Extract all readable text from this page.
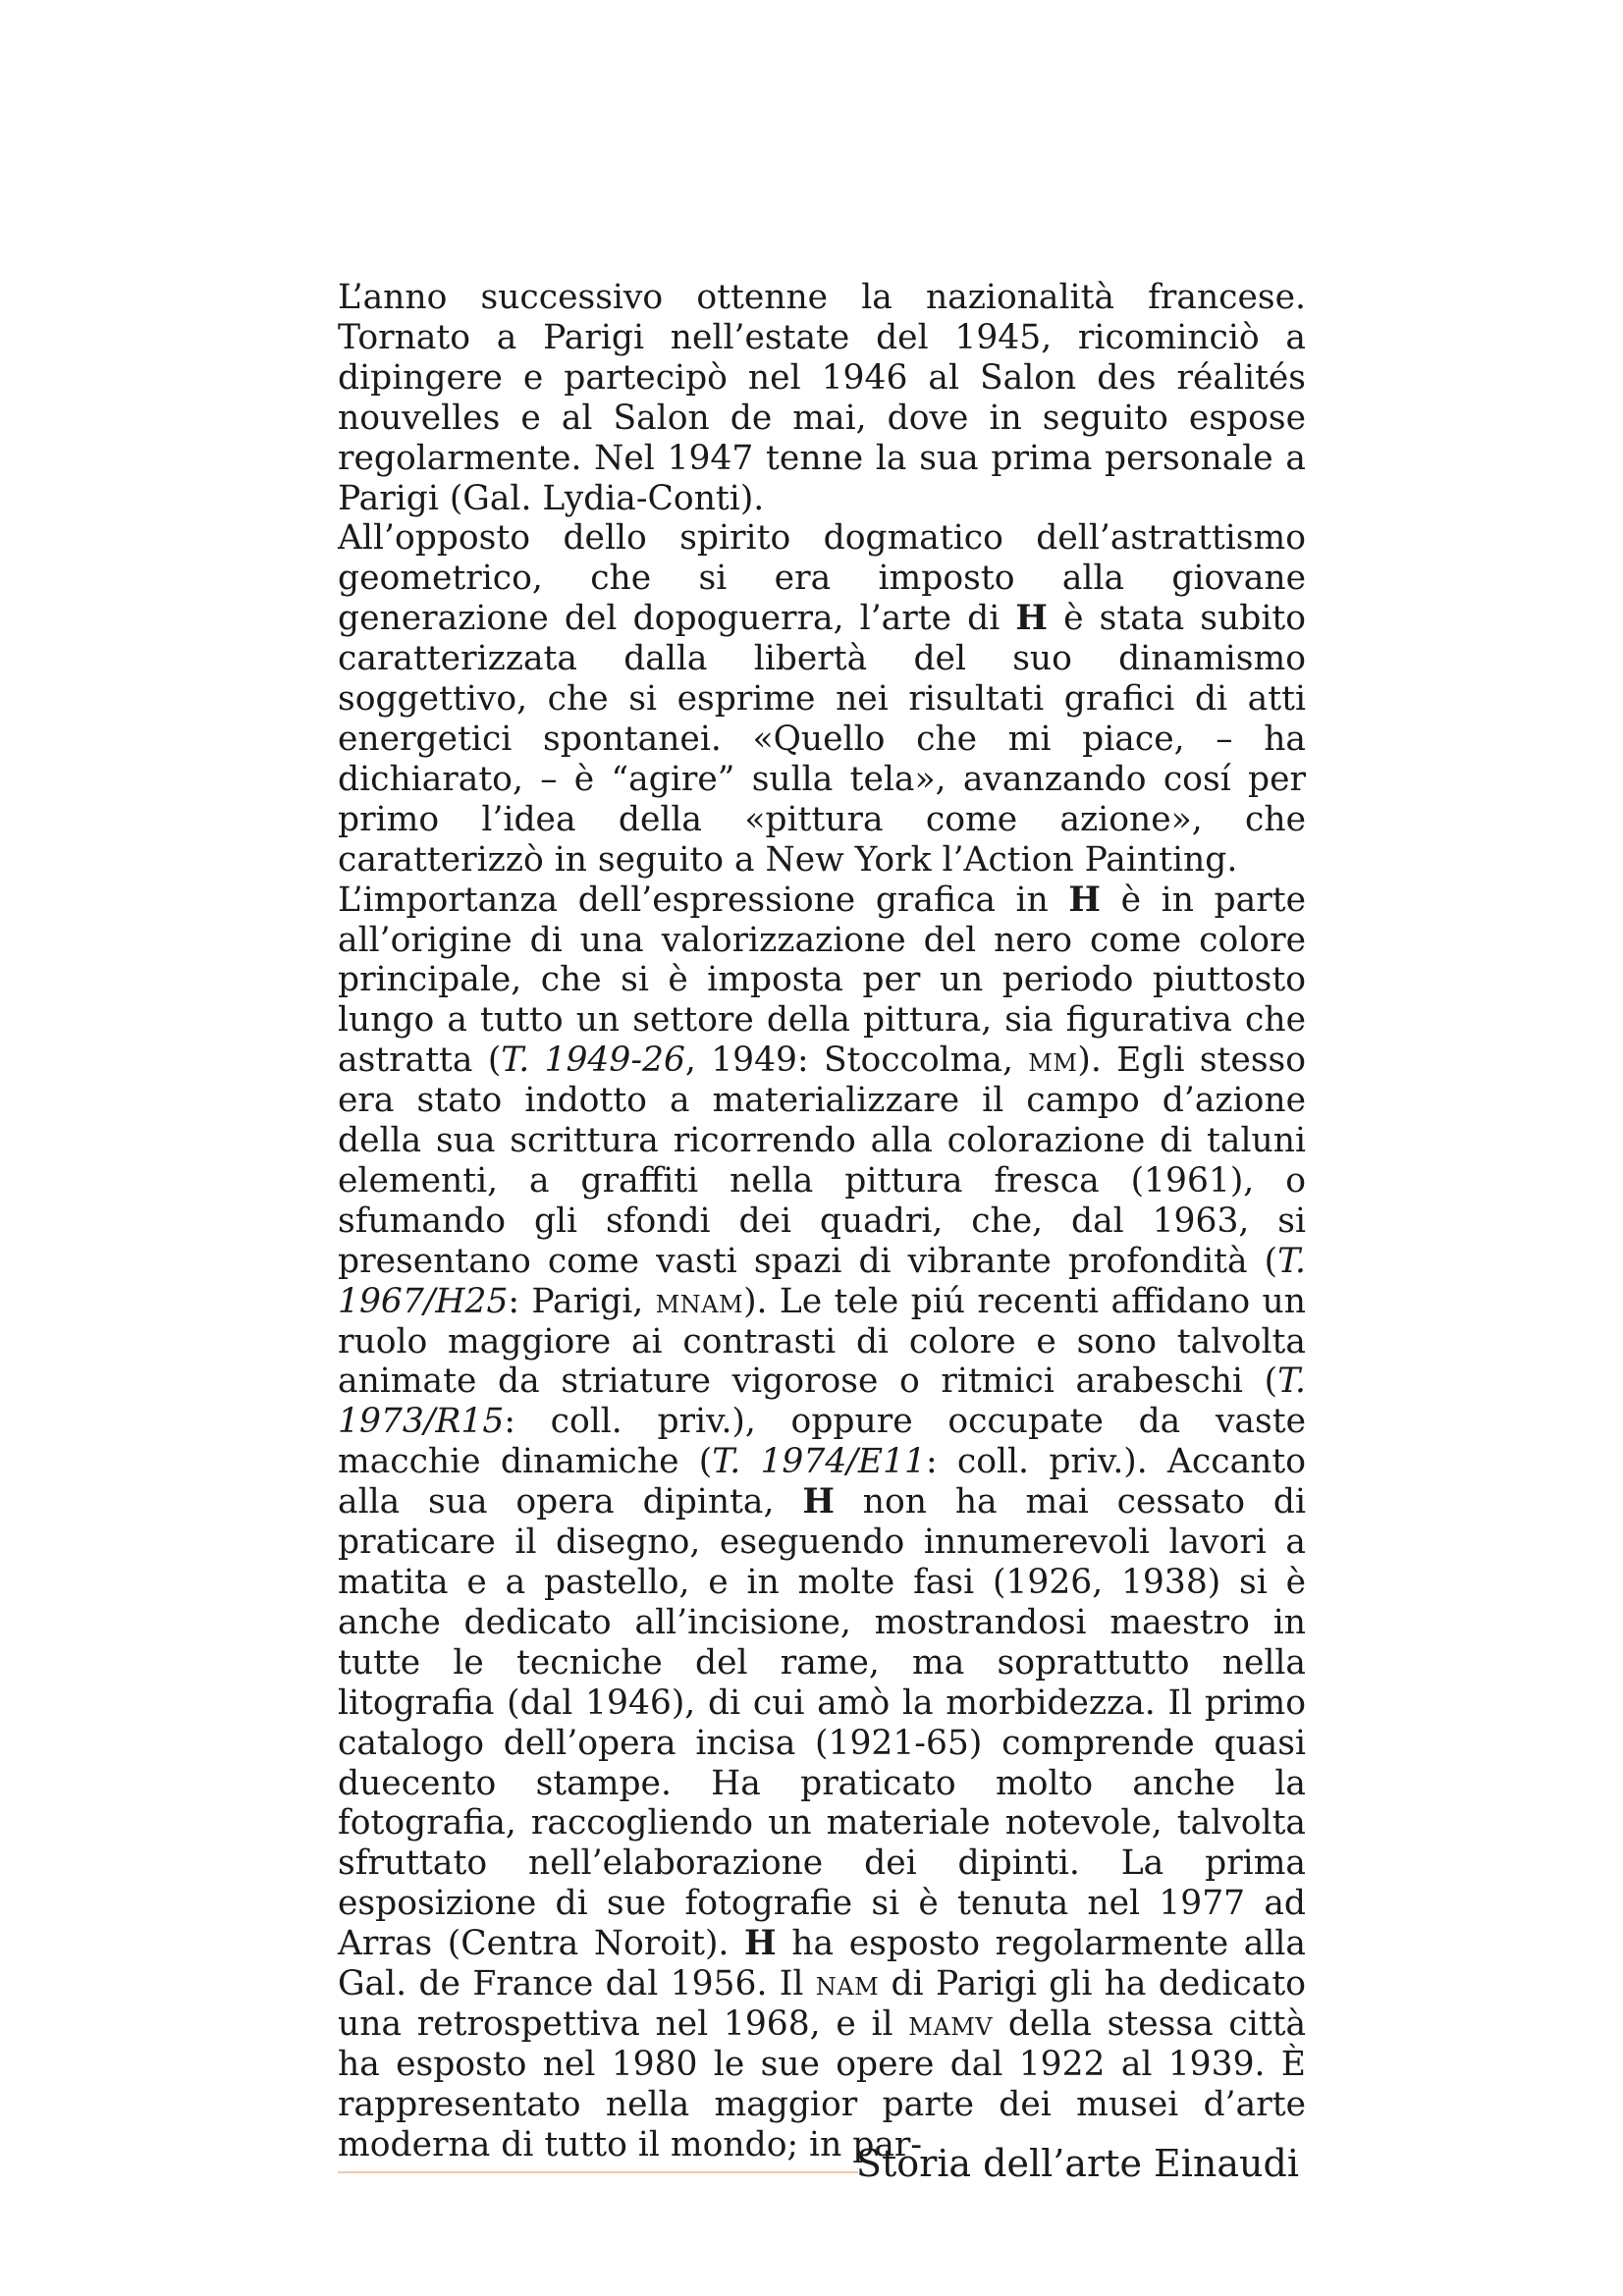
L’anno successivo ottenne la nazionalità francese. Tornato a Parigi nell’estate del 1945, ricominciò a dipingere e partecipò nel 1946 al Salon des réalités nouvelles e al Salon de mai, dove in seguito espose regolarmente. Nel 1947 tenne la sua prima personale a Parigi (Gal. Lydia-Conti).

All’opposto dello spirito dogmatico dell’astrattismo geometrico, che si era imposto alla giovane generazione del dopoguerra, l’arte di H è stata subito caratterizzata dalla libertà del suo dinamismo soggettivo, che si esprime nei risultati grafici di atti energetici spontanei. «Quello che mi piace, – ha dichiarato, – è “agire” sulla tela», avanzando cosí per primo l’idea della «pittura come azione», che caratterizzò in seguito a New York l’Action Painting.

L’importanza dell’espressione grafica in H è in parte all’origine di una valorizzazione del nero come colore principale, che si è imposta per un periodo piuttosto lungo a tutto un settore della pittura, sia figurativa che astratta (T. 1949-26, 1949: Stoccolma, mm). Egli stesso era stato indotto a materializzare il campo d’azione della sua scrittura ricorrendo alla colorazione di taluni elementi, a graffiti nella pittura fresca (1961), o sfumando gli sfondi dei quadri, che, dal 1963, si presentano come vasti spazi di vibrante profondità (T. 1967/H25: Parigi, mnam). Le tele piú recenti affidano un ruolo maggiore ai contrasti di colore e sono talvolta animate da striature vigorose o ritmici arabeschi (T. 1973/R15: coll. priv.), oppure occupate da vaste macchie dinamiche (T. 1974/E11: coll. priv.). Accanto alla sua opera dipinta, H non ha mai cessato di praticare il disegno, eseguendo innumerevoli lavori a matita e a pastello, e in molte fasi (1926, 1938) si è anche dedicato all’incisione, mostrandosi maestro in tutte le tecniche del rame, ma soprattutto nella litografia (dal 1946), di cui amò la morbidezza. Il primo catalogo dell’opera incisa (1921-65) comprende quasi duecento stampe. Ha praticato molto anche la fotografia, raccogliendo un materiale notevole, talvolta sfruttato nell’elaborazione dei dipinti. La prima esposizione di sue fotografie si è tenuta nel 1977 ad Arras (Centra Noroit). H ha esposto regolarmente alla Gal. de France dal 1956. Il nam di Parigi gli ha dedicato una retrospettiva nel 1968, e il mamv della stessa città ha esposto nel 1980 le sue opere dal 1922 al 1939. È rappresentato nella maggior parte dei musei d’arte moderna di tutto il mondo; in par-

Storia dell’arte Einaudi
